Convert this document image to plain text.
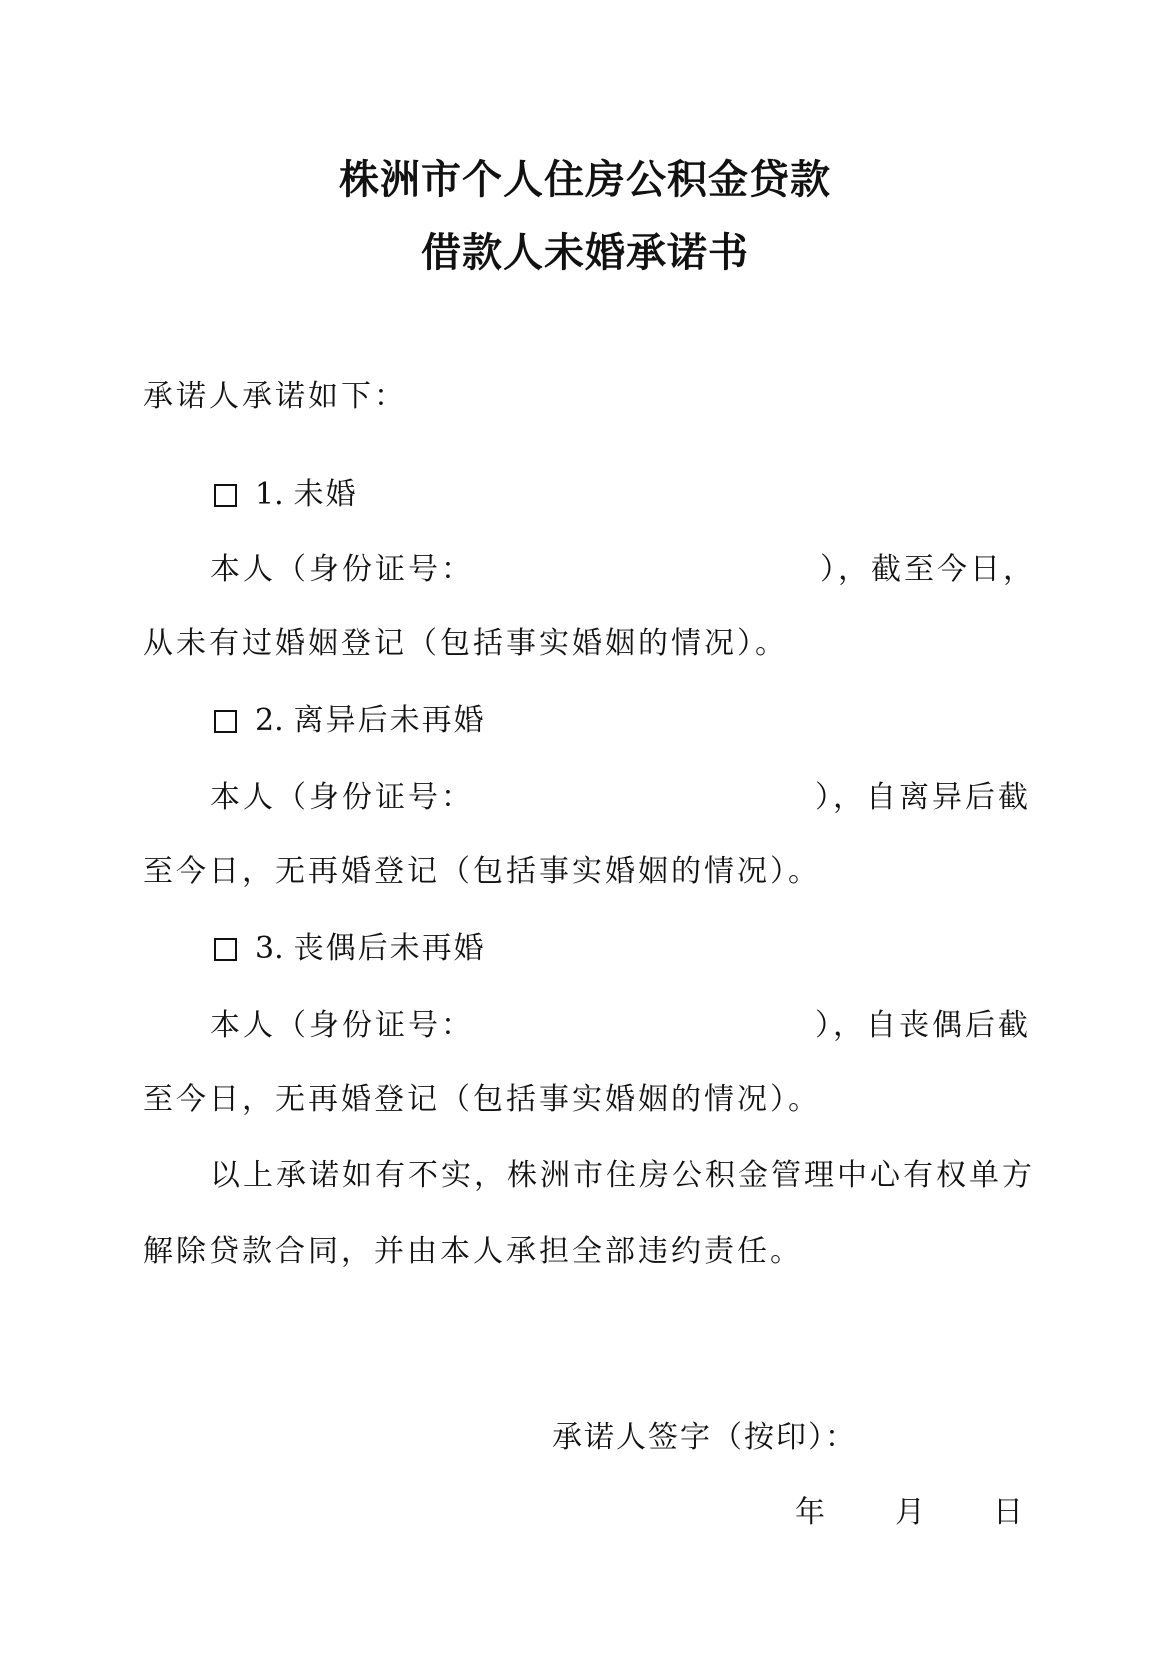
株洲市个人住房公积金贷款
借款人未婚承诺书
承诺人承诺如下：
1. 未婚
本人（身份证号：	），截至今日，
从未有过婚姻登记（包括事实婚姻的情况）。
2. 离异后未再婚
本人（身份证号：	），自离异后截
至今日，无再婚登记（包括事实婚姻的情况）。
3. 丧偶后未再婚
本人（身份证号：	），自丧偶后截
至今日，无再婚登记（包括事实婚姻的情况）。
以上承诺如有不实，株洲市住房公积金管理中心有权单方
解除贷款合同，并由本人承担全部违约责任。
承诺人签字（按印）：
年 月 日
